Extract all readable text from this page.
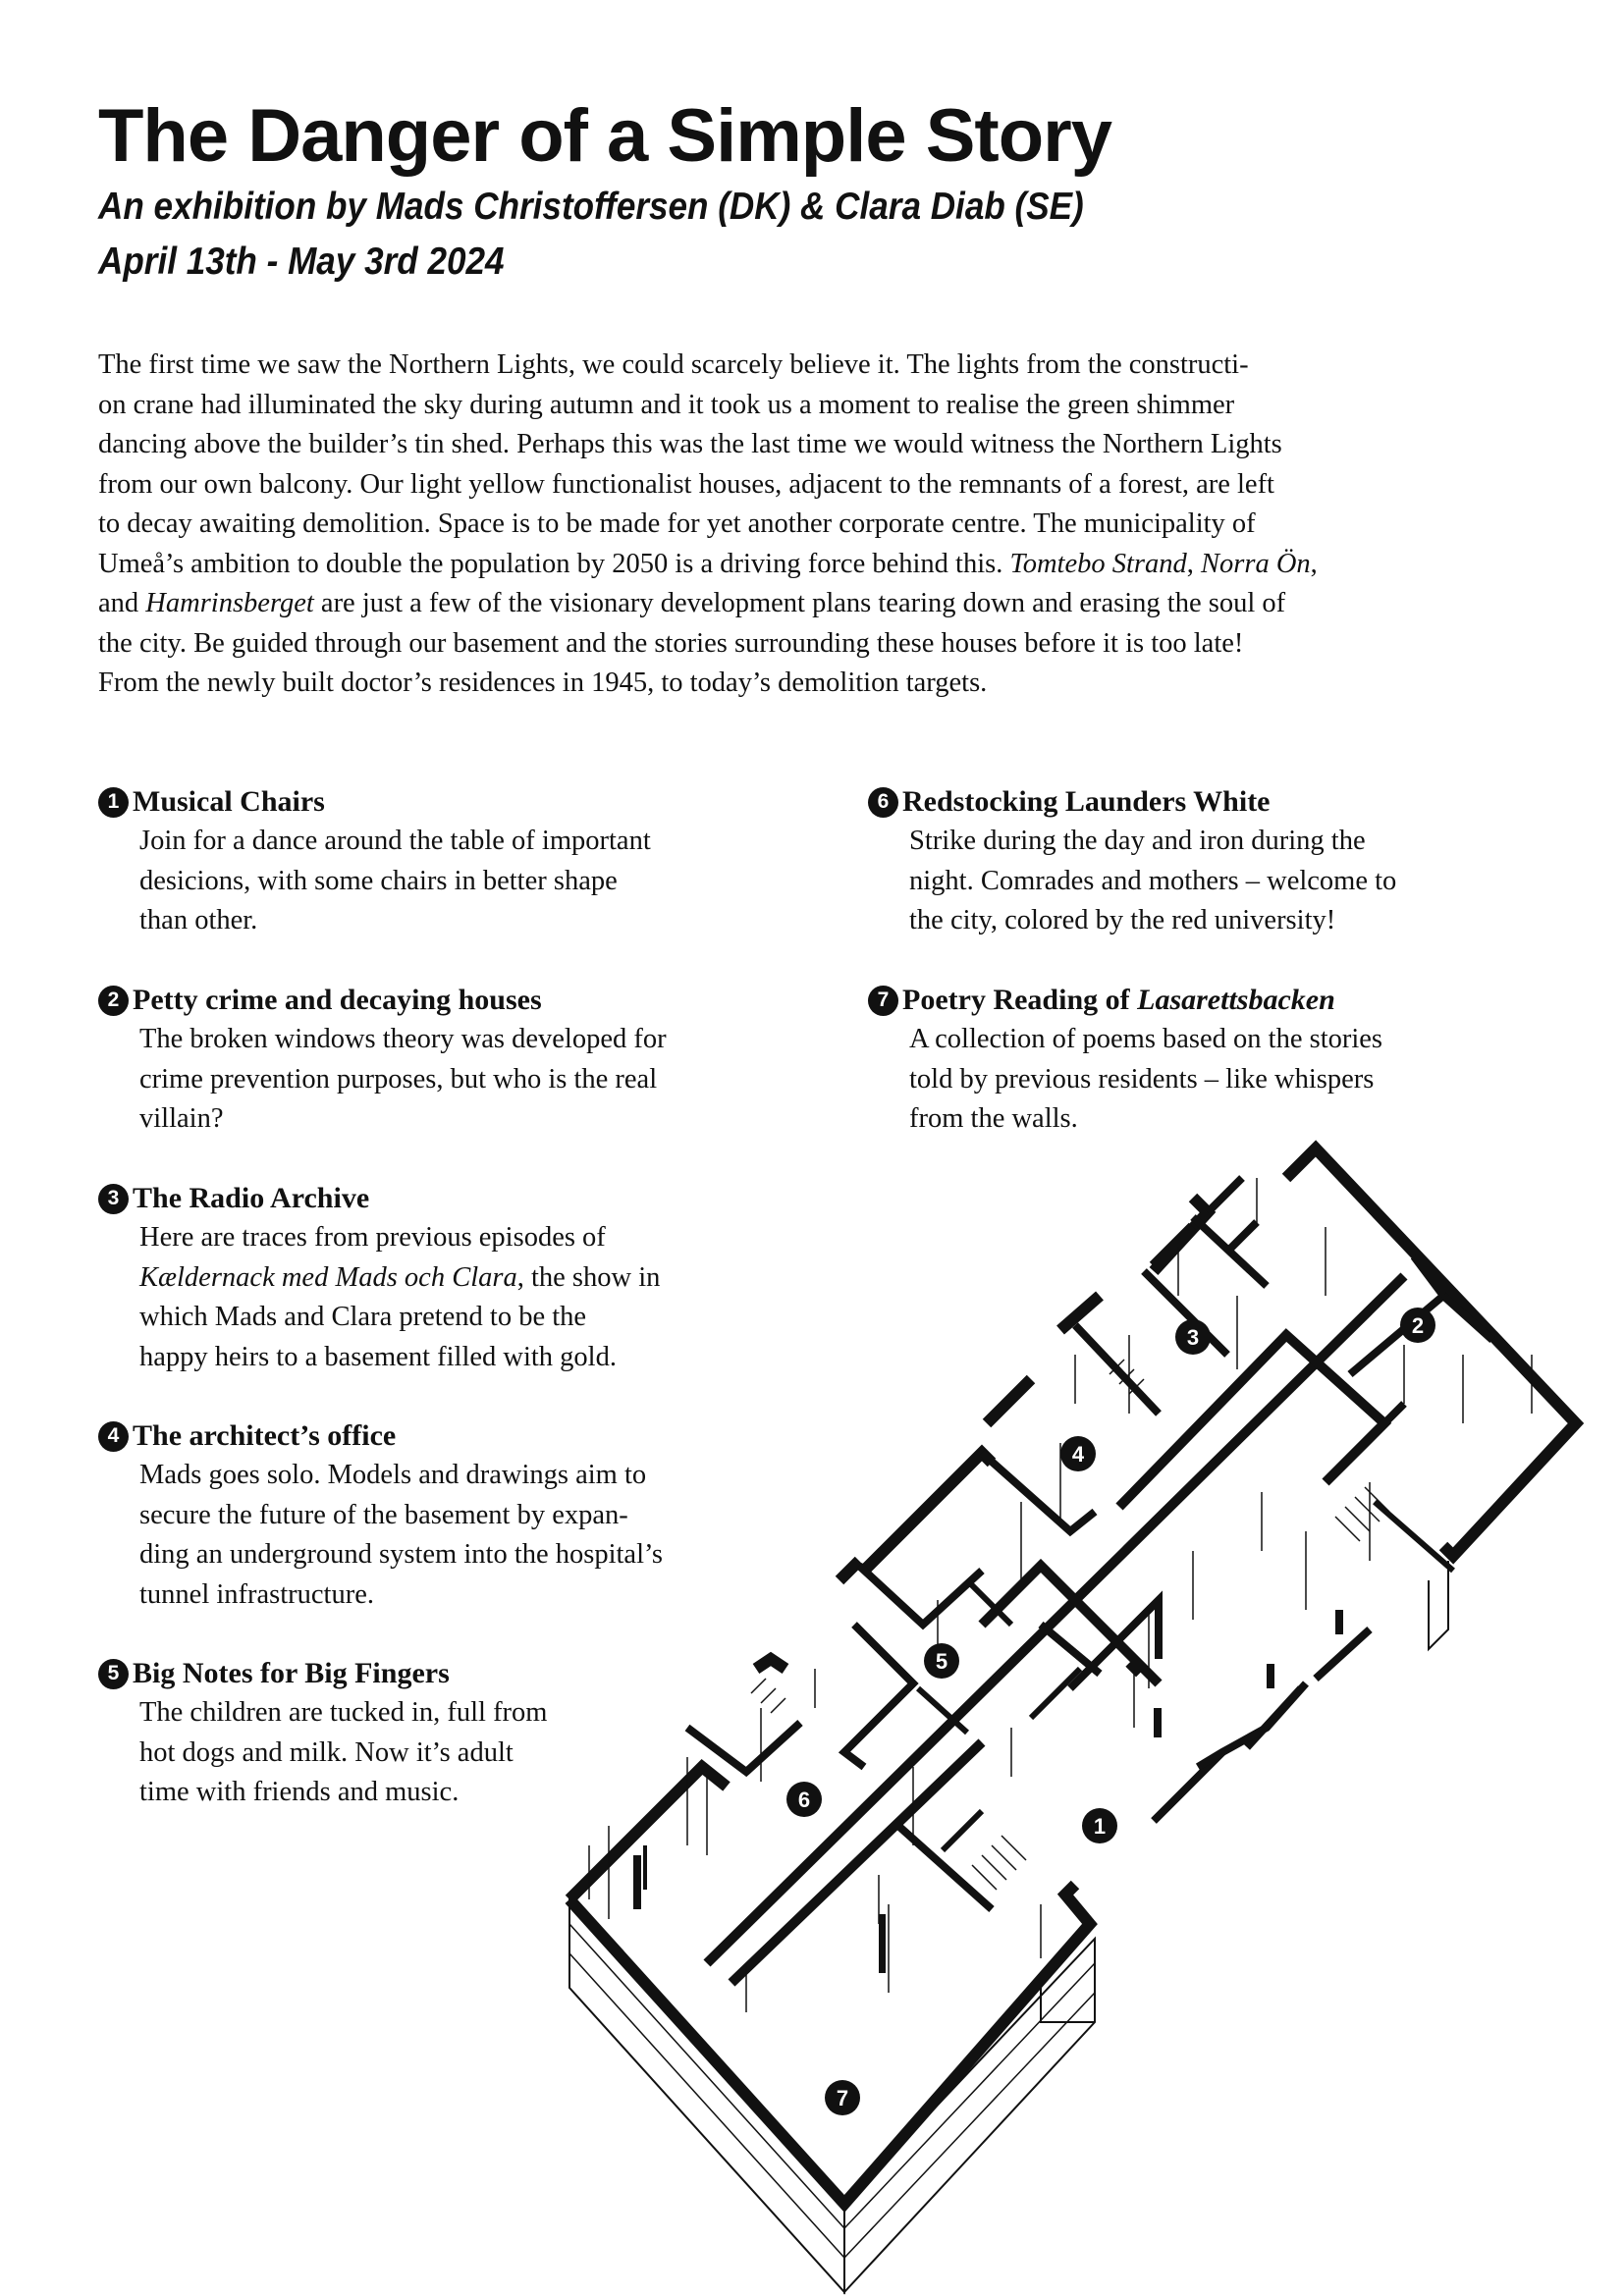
The Danger of a Simple Story
An exhibition by Mads Christoffersen (DK) & Clara Diab (SE)
April 13th - May 3rd 2024

The first time we saw the Northern Lights, we could scarcely believe it. The lights from the constructi-
on crane had illuminated the sky during autumn and it took us a moment to realise the green shimmer
dancing above the builder’s tin shed. Perhaps this was the last time we would witness the Northern Lights
from our own balcony. Our light yellow functionalist houses, adjacent to the remnants of a forest, are left
to decay awaiting demolition. Space is to be made for yet another corporate centre. The municipality of
Umeå’s ambition to double the population by 2050 is a driving force behind this. Tomtebo Strand, Norra Ön,
and Hamrinsberget are just a few of the visionary development plans tearing down and erasing the soul of
the city. Be guided through our basement and the stories surrounding these houses before it is too late!
From the newly built doctor’s residences in 1945, to today’s demolition targets.

1 Musical Chairs
Join for a dance around the table of important
desicions, with some chairs in better shape
than other.
2 Petty crime and decaying houses
The broken windows theory was developed for
crime prevention purposes, but who is the real
villain?
3 The Radio Archive
Here are traces from previous episodes of
Kældernack med Mads och Clara, the show in
which Mads and Clara pretend to be the
happy heirs to a basement filled with gold.
4 The architect’s office
Mads goes solo. Models and drawings aim to
secure the future of the basement by expan-
ding an underground system into the hospital’s
tunnel infrastructure.
5 Big Notes for Big Fingers
The children are tucked in, full from
hot dogs and milk. Now it’s adult
time with friends and music.
6 Redstocking Launders White
Strike during the day and iron during the
night. Comrades and mothers – welcome to
the city, colored by the red university!
7 Poetry Reading of Lasarettsbacken
A collection of poems based on the stories
told by previous residents – like whispers
from the walls.
1
2
3
4
5
6
7
